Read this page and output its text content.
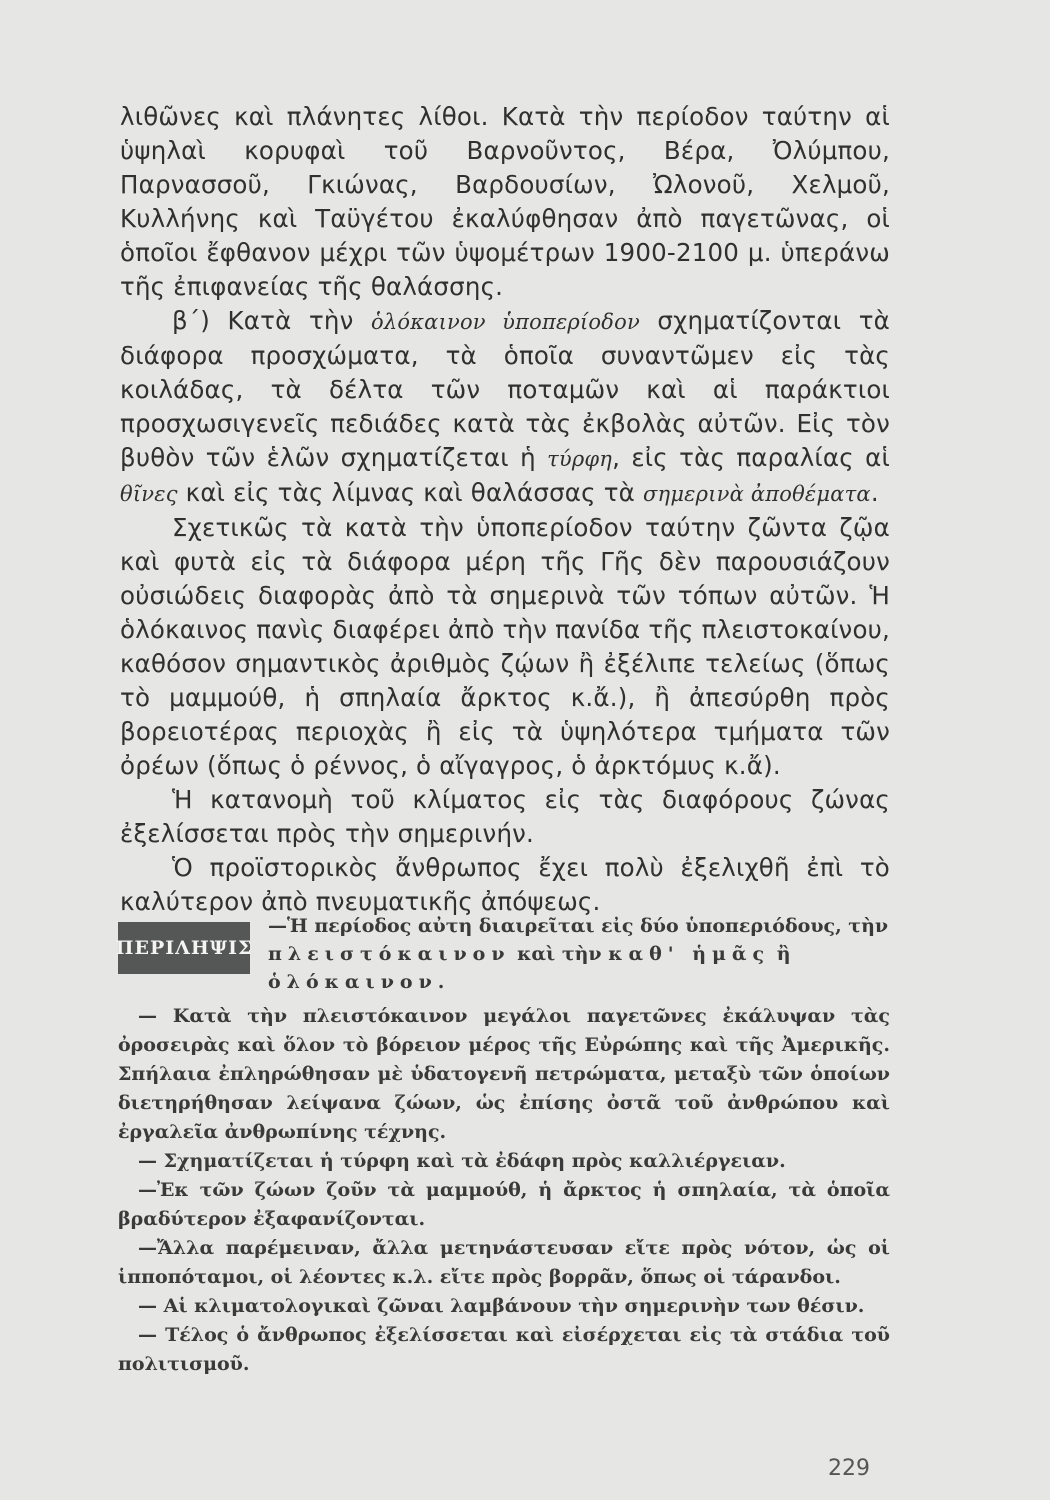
λιθῶνες καὶ πλάνητες λίθοι. Κατὰ τὴν περίοδον ταύτην αἱ ὑψηλαὶ κορυφαὶ τοῦ Βαρνοῦντος, Βέρα, Ὀλύμπου, Παρνασσοῦ, Γκιώνας, Βαρδουσίων, Ὠλονοῦ, Χελμοῦ, Κυλλήνης καὶ Ταϋγέτου ἐκαλύφθησαν ἀπὸ παγετῶνας, οἱ ὁποῖοι ἔφθανον μέχρι τῶν ὑψομέτρων 1900-2100 μ. ὑπεράνω τῆς ἐπιφανείας τῆς θαλάσσης.

β΄) Κατὰ τὴν ὁλόκαινον ὑποπερίοδον σχηματίζονται τὰ διάφορα προσχώματα, τὰ ὁποῖα συναντῶμεν εἰς τὰς κοιλάδας, τὰ δέλτα τῶν ποταμῶν καὶ αἱ παράκτιοι προσχωσιγενεῖς πεδιάδες κατὰ τὰς ἐκβολὰς αὐτῶν. Εἰς τὸν βυθὸν τῶν ἑλῶν σχηματίζεται ἡ τύρφη, εἰς τὰς παραλίας αἱ θῖνες καὶ εἰς τὰς λίμνας καὶ θαλάσσας τὰ σημερινὰ ἀποθέματα.

Σχετικῶς τὰ κατὰ τὴν ὑποπερίοδον ταύτην ζῶντα ζῷα καὶ φυτὰ εἰς τὰ διάφορα μέρη τῆς Γῆς δὲν παρουσιάζουν οὐσιώδεις διαφορὰς ἀπὸ τὰ σημερινὰ τῶν τόπων αὐτῶν. Ἡ ὁλόκαινος πανὶς διαφέρει ἀπὸ τὴν πανίδα τῆς πλειστοκαίνου, καθόσον σημαντικὸς ἀριθμὸς ζῴων ἢ ἐξέλιπε τελείως (ὅπως τὸ μαμμούθ, ἡ σπηλαία ἄρκτος κ.ἄ.), ἢ ἀπεσύρθη πρὸς βορειοτέρας περιοχὰς ἢ εἰς τὰ ὑψηλότερα τμήματα τῶν ὀρέων (ὅπως ὁ ρέννος, ὁ αἴγαγρος, ὁ ἀρκτόμυς κ.ἄ).

Ἡ κατανομὴ τοῦ κλίματος εἰς τὰς διαφόρους ζώνας ἐξελίσσεται πρὸς τὴν σημερινήν.

Ὁ προϊστορικὸς ἄνθρωπος ἔχει πολὺ ἐξελιχθῆ ἐπὶ τὸ καλύτερον ἀπὸ πνευματικῆς ἀπόψεως.

ΠΕΡΙΛΗΨΙΣ

—Ἡ περίοδος αὐτη διαιρεῖται εἰς δύο ὑποπεριόδους, τὴν πλειστόκαινον καὶ τὴν καθ' ἡμᾶς ἢ ὁλόκαινον.

— Κατὰ τὴν πλειστόκαινον μεγάλοι παγετῶνες ἐκάλυψαν τὰς ὀροσειρὰς καὶ ὅλον τὸ βόρειον μέρος τῆς Εὐρώπης καὶ τῆς Ἀμερικῆς. Σπήλαια ἐπληρώθησαν μὲ ὑδατογενῆ πετρώματα, μεταξὺ τῶν ὁποίων διετηρήθησαν λείψανα ζώων, ὡς ἐπίσης ὀστᾶ τοῦ ἀνθρώπου καὶ ἐργαλεῖα ἀνθρωπίνης τέχνης.

— Σχηματίζεται ἡ τύρφη καὶ τὰ ἐδάφη πρὸς καλλιέργειαν.

—Ἐκ τῶν ζώων ζοῦν τὰ μαμμούθ, ἡ ἄρκτος ἡ σπηλαία, τὰ ὁποῖα βραδύτερον ἐξαφανίζονται.

—Ἄλλα παρέμειναν, ἄλλα μετηνάστευσαν εἴτε πρὸς νότον, ὡς οἱ ἱπποπόταμοι, οἱ λέοντες κ.λ. εἴτε πρὸς βορρᾶν, ὅπως οἱ τάρανδοι.

— Αἱ κλιματολογικαὶ ζῶναι λαμβάνουν τὴν σημερινὴν των θέσιν.

— Τέλος ὁ ἄνθρωπος ἐξελίσσεται καὶ εἰσέρχεται εἰς τὰ στάδια τοῦ πολιτισμοῦ.

229
